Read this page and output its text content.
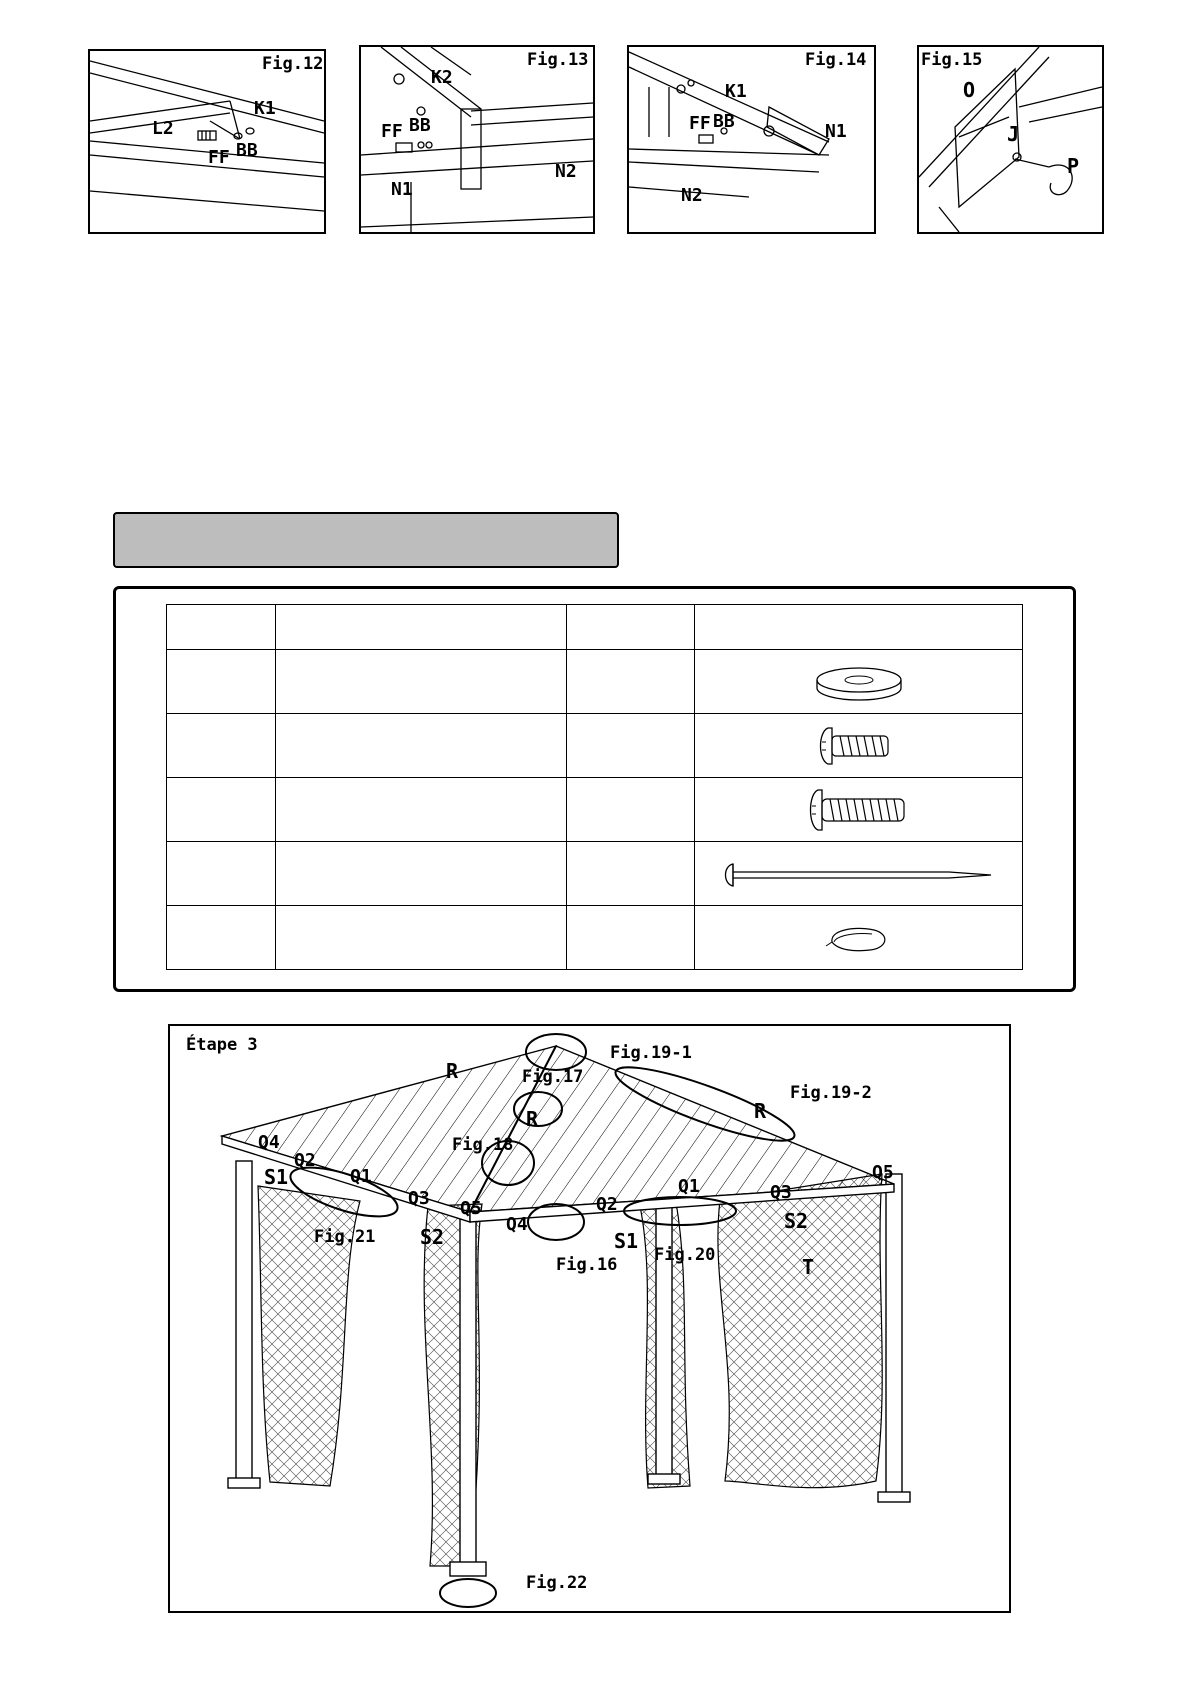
Fig.12
K1
L2
FF BB
Fig.13
K2
FF BB
N1
N2
Fig.14
K1
FF BB	N1
N2
Fig.15
O
J
P

Étape 3	Fig.19-1
Fig.19-2
Fig.17
Fig.18
Fig.21
Fig.16 Fig.20
Fig.22
R
R	R
Q4
Q2
S1	Q1
Q3
S2
Q5
Q4
Q2
S1
Q1	Q3
S2
Q5
T
